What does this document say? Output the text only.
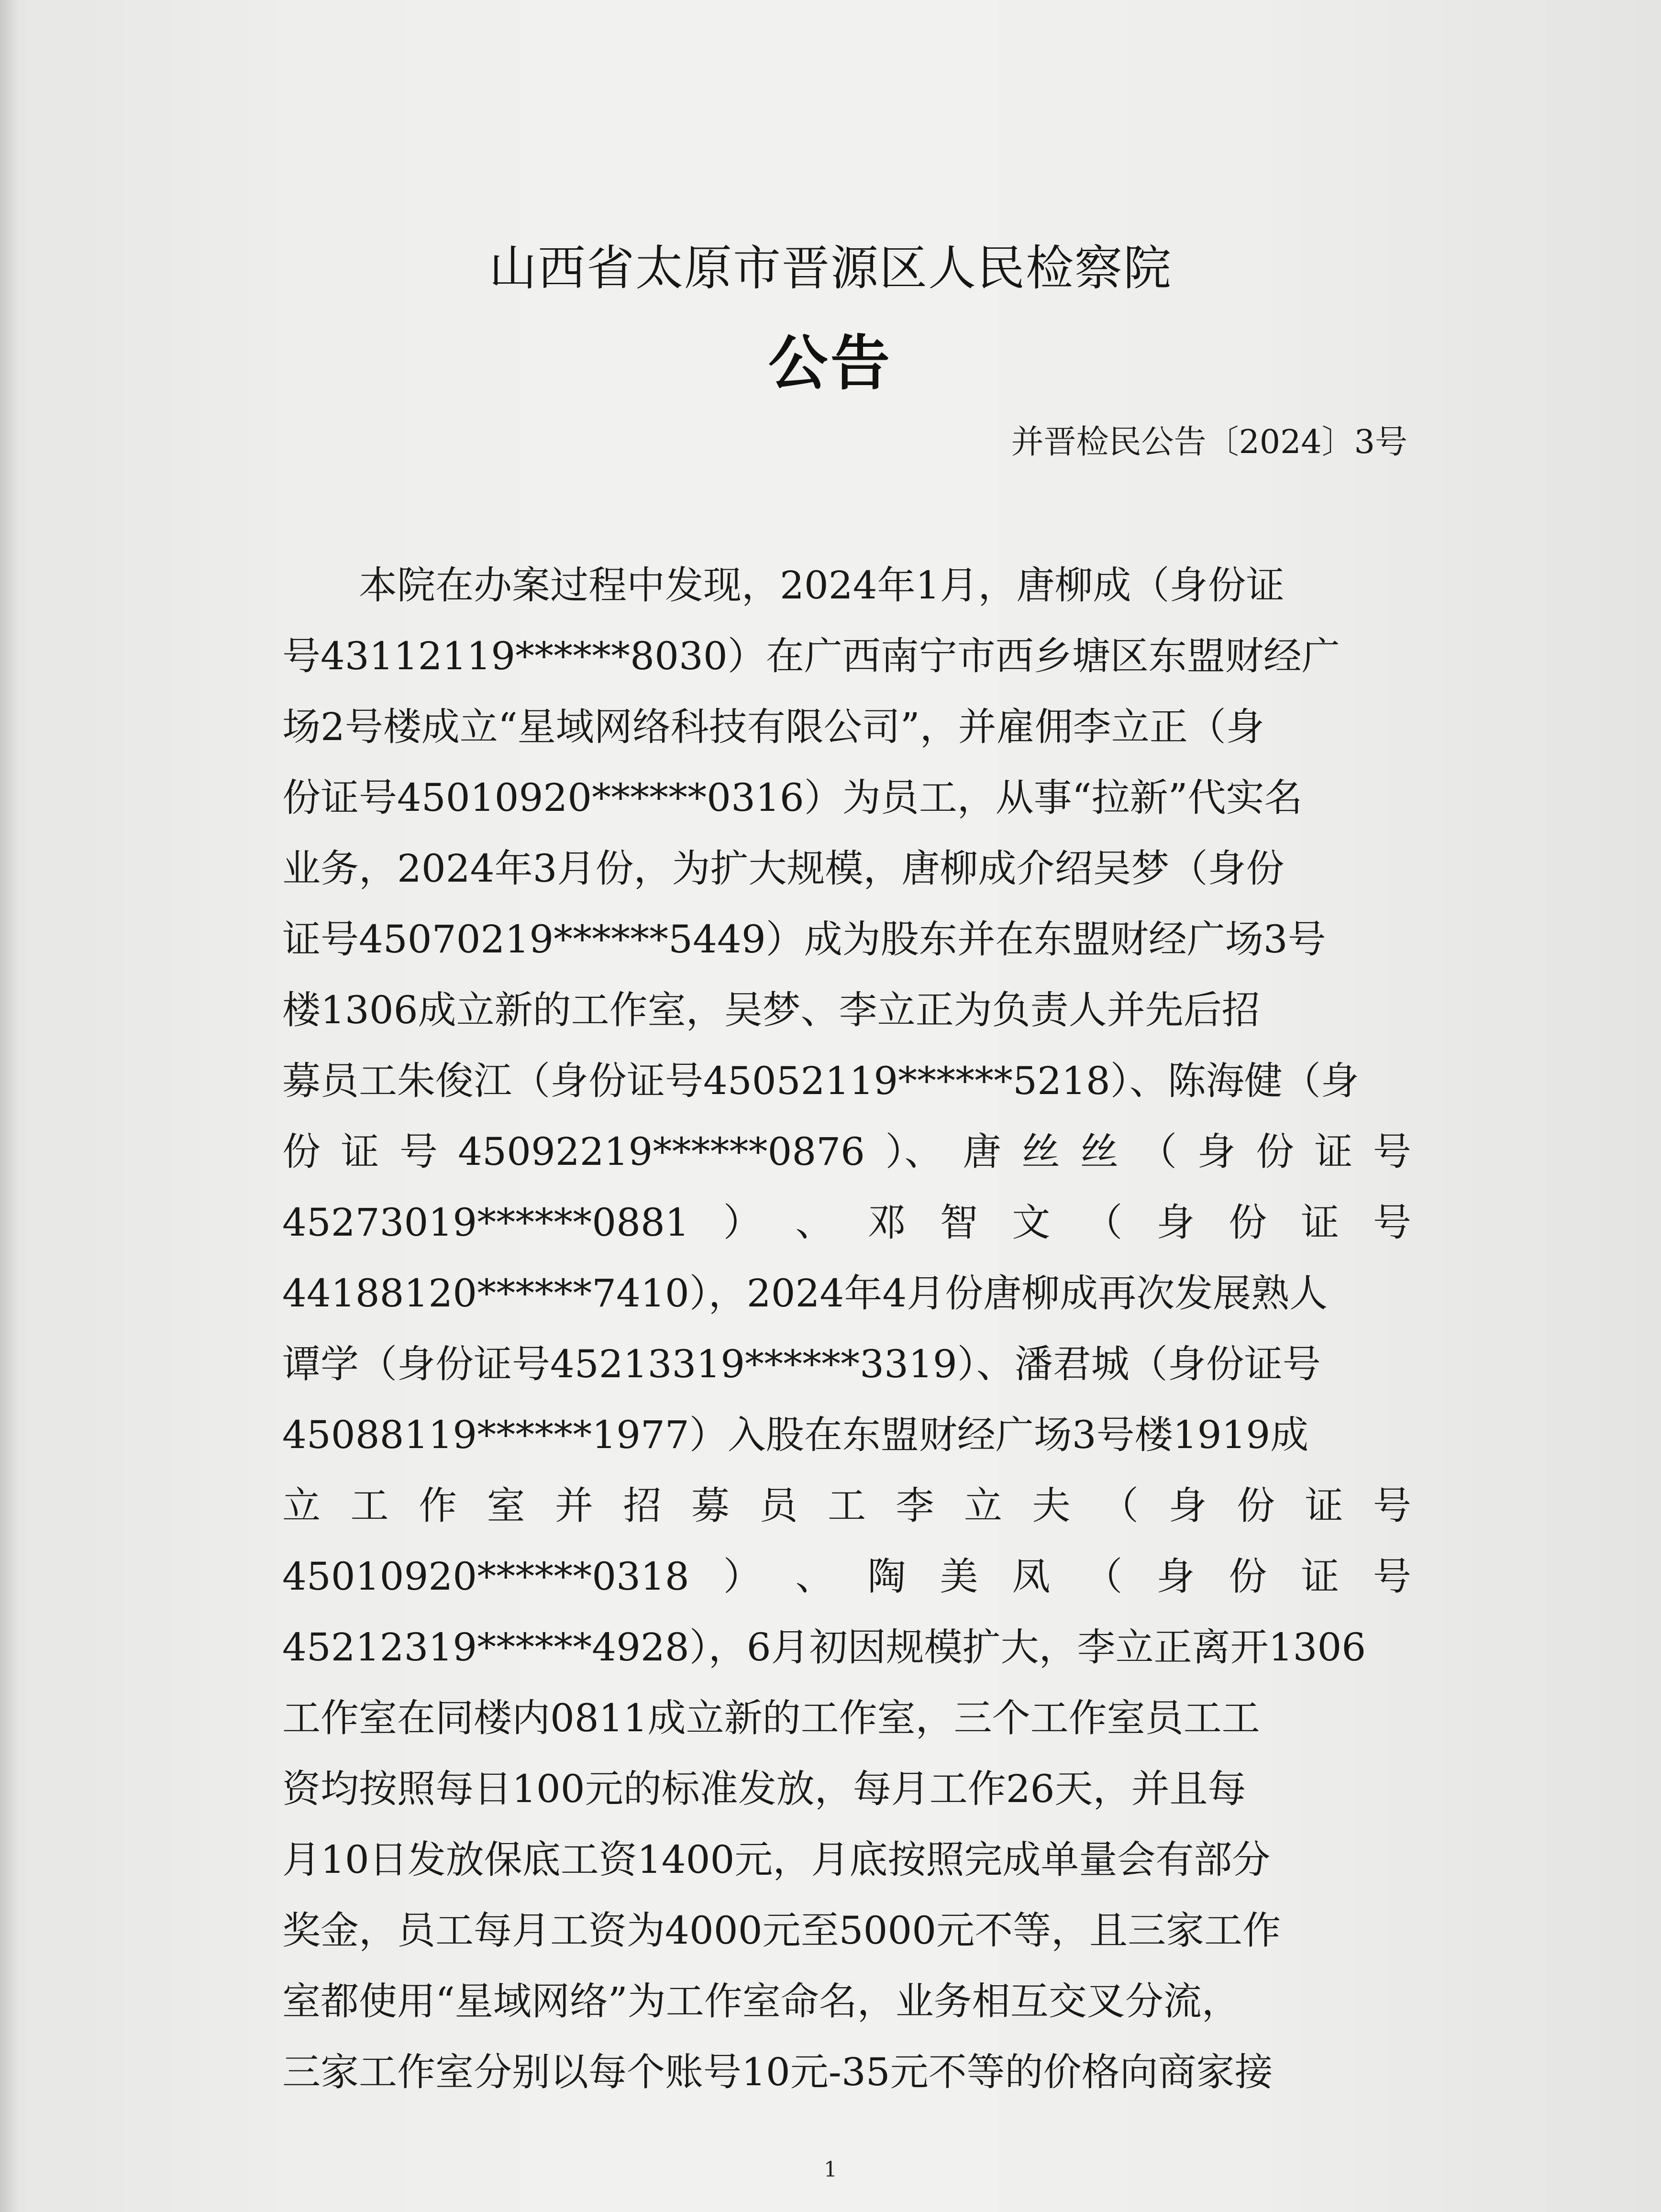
山西省太原市晋源区人民检察院
公告
并晋检民公告〔2024〕3号
本院在办案过程中发现，2024年1月，唐柳成（身份证
号43112119******8030）在广西南宁市西乡塘区东盟财经广
场2号楼成立“星域网络科技有限公司”，并雇佣李立正（身
份证号45010920******0316）为员工，从事“拉新”代实名
业务，2024年3月份，为扩大规模，唐柳成介绍吴梦（身份
证号45070219******5449）成为股东并在东盟财经广场3号
楼1306成立新的工作室，吴梦、李立正为负责人并先后招
募员工朱俊江（身份证号45052119******5218）、陈海健（身
份 证 号 45092219******0876 ）、 唐 丝 丝 （ 身 份 证 号
45273019******0881 ） 、 邓 智 文 （ 身 份 证 号
44188120******7410），2024年4月份唐柳成再次发展熟人
谭学（身份证号45213319******3319）、潘君城（身份证号
45088119******1977）入股在东盟财经广场3号楼1919成
立 工 作 室 并 招 募 员 工 李 立 夫 （ 身 份 证 号
45010920******0318 ） 、 陶 美 凤 （ 身 份 证 号
45212319******4928），6月初因规模扩大，李立正离开1306
工作室在同楼内0811成立新的工作室，三个工作室员工工
资均按照每日100元的标准发放，每月工作26天，并且每
月10日发放保底工资1400元，月底按照完成单量会有部分
奖金，员工每月工资为4000元至5000元不等，且三家工作
室都使用“星域网络”为工作室命名，业务相互交叉分流，
三家工作室分别以每个账号10元-35元不等的价格向商家接
1
